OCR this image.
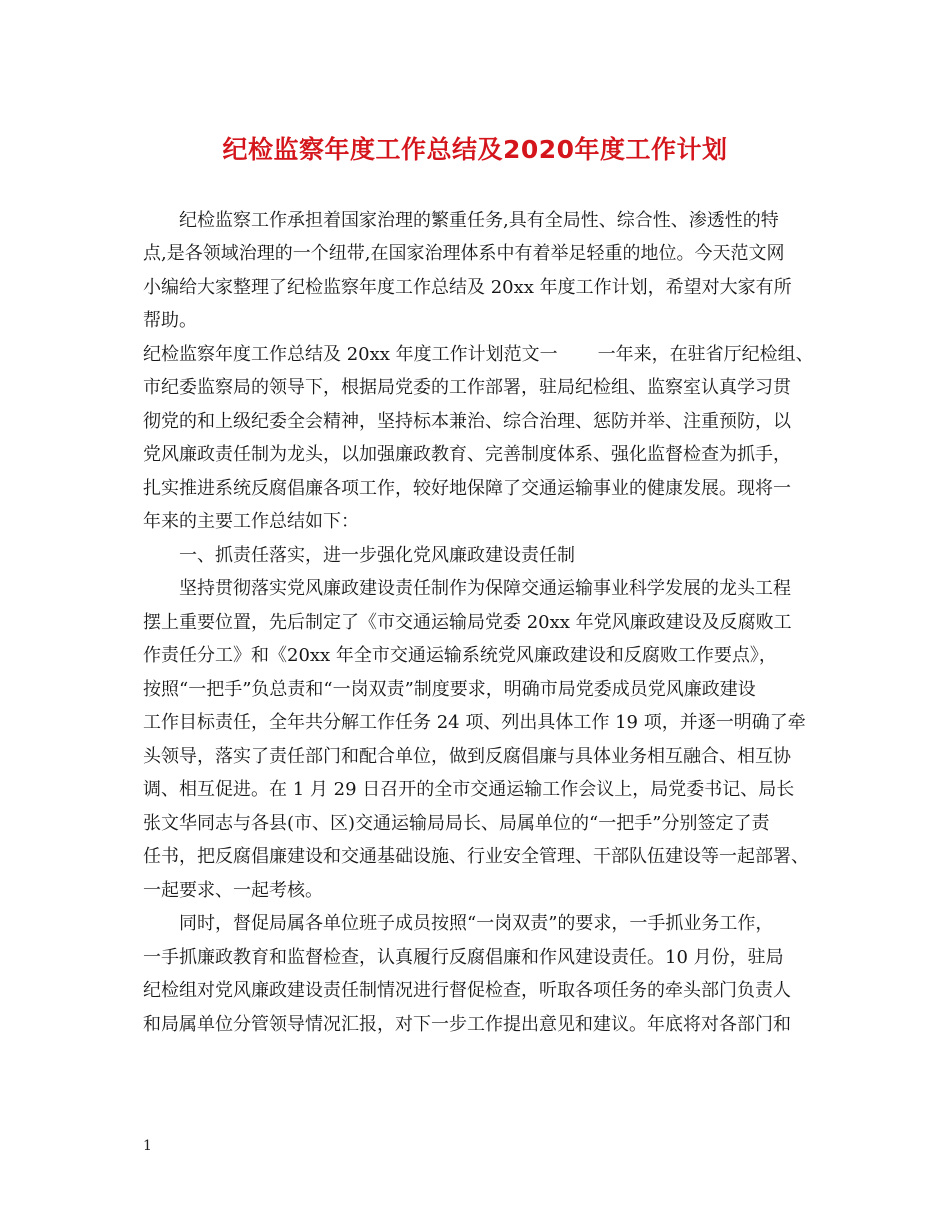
纪检监察年度工作总结及2020年度工作计划
纪检监察工作承担着国家治理的繁重任务,具有全局性、综合性、渗透性的特
点,是各领域治理的一个纽带,在国家治理体系中有着举足轻重的地位。今天范文网
小编给大家整理了纪检监察年度工作总结及 20xx 年度工作计划，希望对大家有所
帮助。
纪检监察年度工作总结及 20xx 年度工作计划范文一 一年来，在驻省厅纪检组、
市纪委监察局的领导下，根据局党委的工作部署，驻局纪检组、监察室认真学习贯
彻党的和上级纪委全会精神，坚持标本兼治、综合治理、惩防并举、注重预防，以
党风廉政责任制为龙头，以加强廉政教育、完善制度体系、强化监督检查为抓手，
扎实推进系统反腐倡廉各项工作，较好地保障了交通运输事业的健康发展。现将一
年来的主要工作总结如下：
一、抓责任落实，进一步强化党风廉政建设责任制
坚持贯彻落实党风廉政建设责任制作为保障交通运输事业科学发展的龙头工程
摆上重要位置，先后制定了《市交通运输局党委 20xx 年党风廉政建设及反腐败工
作责任分工》和《20xx 年全市交通运输系统党风廉政建设和反腐败工作要点》，
按照“一把手”负总责和“一岗双责”制度要求，明确市局党委成员党风廉政建设
工作目标责任，全年共分解工作任务 24 项、列出具体工作 19 项，并逐一明确了牵
头领导，落实了责任部门和配合单位，做到反腐倡廉与具体业务相互融合、相互协
调、相互促进。在 1 月 29 日召开的全市交通运输工作会议上，局党委书记、局长
张文华同志与各县(市、区)交通运输局局长、局属单位的“一把手”分别签定了责
任书，把反腐倡廉建设和交通基础设施、行业安全管理、干部队伍建设等一起部署、
一起要求、一起考核。
同时，督促局属各单位班子成员按照“一岗双责”的要求，一手抓业务工作，
一手抓廉政教育和监督检查，认真履行反腐倡廉和作风建设责任。10 月份，驻局
纪检组对党风廉政建设责任制情况进行督促检查，听取各项任务的牵头部门负责人
和局属单位分管领导情况汇报，对下一步工作提出意见和建议。年底将对各部门和
1
